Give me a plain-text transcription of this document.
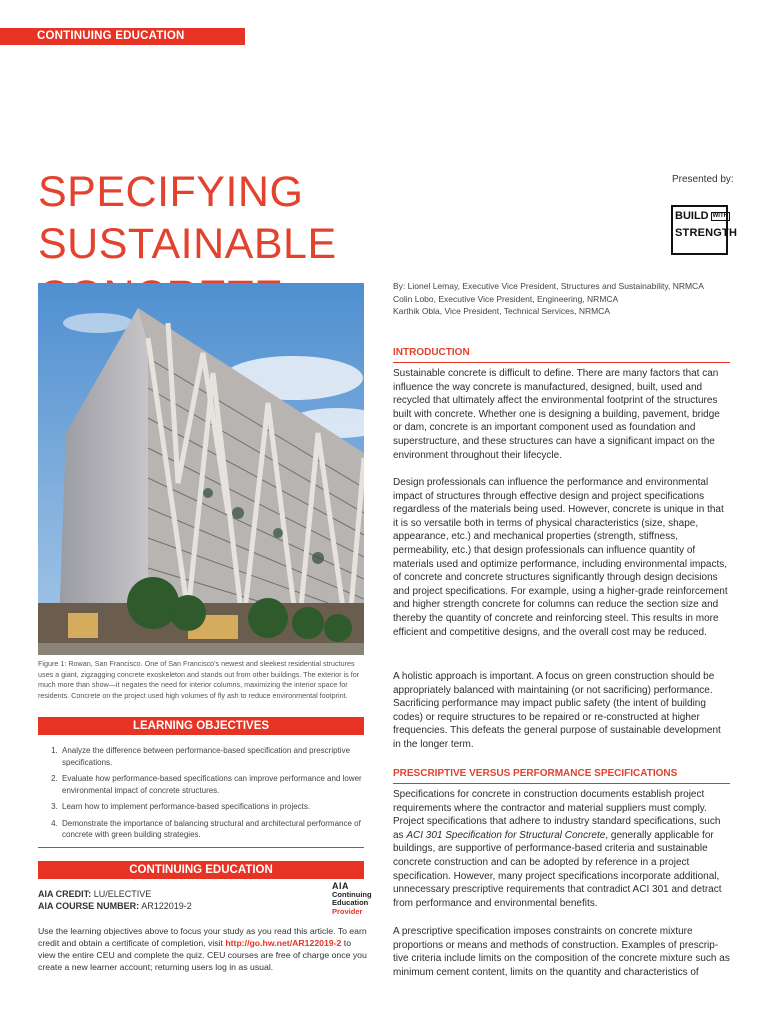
CONTINUING EDUCATION
SPECIFYING SUSTAINABLE

Presented by:
BUILD WITH
STRENGTH
Figure 1: Rowan, San Francisco. One of San Francisco's newest and sleekest residential structures uses a giant, zigzagging concrete exoskeleton and stands out from other buildings. The exterior is for much more than show—it negates the need for interior columns, maximizing the interior space for residents. Concrete on the project used high volumes of fly ash to reduce environmental footprint.
LEARNING OBJECTIVES
1. Analyze the difference between performance-based specification and prescriptive specifications.
2. Evaluate how performance-based specifications can improve performance and lower environmental impact of concrete structures.
3. Learn how to implement performance-based specifications in projects.
4. Demonstrate the importance of balancing structural and architectural performance of concrete with green building strategies.
CONTINUING EDUCATION
AIA CREDIT: LU/ELECTIVE
AIA COURSE NUMBER: AR122019-2
AIA
Continuing
Education
Provider
Use the learning objectives above to focus your study as you read this article. To earn credit and obtain a certificate of completion, visit http://go.hw.net/AR122019-2 to view the entire CEU and complete the quiz. CEU courses are free of charge once you create a new learner account; returning users log in as usual.
By: Lionel Lemay, Executive Vice President, Structures and Sustainability, NRMCA
Colin Lobo, Executive Vice President, Engineering, NRMCA
Karthik Obla, Vice President, Technical Services, NRMCA
INTRODUCTION

Sustainable concrete is difficult to define. There are many factors that can influence the way concrete is manufactured, designed, built, used and recycled that ultimately affect the environmental footprint of the structures built with concrete. Whether one is designing a building, pavement, bridge or dam, concrete is an important component used as foundation and superstructure, and these structures can have a significant impact on the environment throughout their lifecycle.

Design professionals can influence the performance and environmental impact of structures through effective design and project specifications regardless of the materials being used. However, concrete is unique in that it is so versatile both in terms of physical characteristics (size, shape, appearance, etc.) and mechanical properties (strength, stiffness, permeability, etc.) that design professionals can influence quantity of materials used and optimize performance, including environmental impacts, of concrete and concrete structures significantly through design decisions and project specifications. For example, using a higher-grade reinforcement and higher strength concrete for columns can reduce the section size and thereby the quantity of concrete and reinforcing steel. This results in more efficient and competitive designs, and the overall cost may be reduced.

A holistic approach is important. A focus on green construction should be appropriately balanced with maintaining (or not sacrificing) performance. Sacrificing performance may impact public safety (the intent of building codes) or require structures to be repaired or re-constructed at higher frequencies. This defeats the general purpose of sustainable development in the longer term.

PRESCRIPTIVE VERSUS PERFORMANCE SPECIFICATIONS

Specifications for concrete in construction documents establish project requirements where the contractor and material suppliers must comply. Project specifications that adhere to industry standard specifications, such as ACI 301 Specification for Structural Concrete, generally applicable for buildings, are supportive of performance-based criteria and sustainable concrete construction and can be adopted by reference in a project specification. However, many project specifications incorporate additional, unnecessary prescriptive requirements that contradict ACI 301 and detract from performance and environmental benefits.

A prescriptive specification imposes constraints on concrete mixture proportions or means and methods of construction. Examples of prescrip-tive criteria include limits on the composition of the concrete mixture such as minimum cement content, limits on the quantity and characteristics of
